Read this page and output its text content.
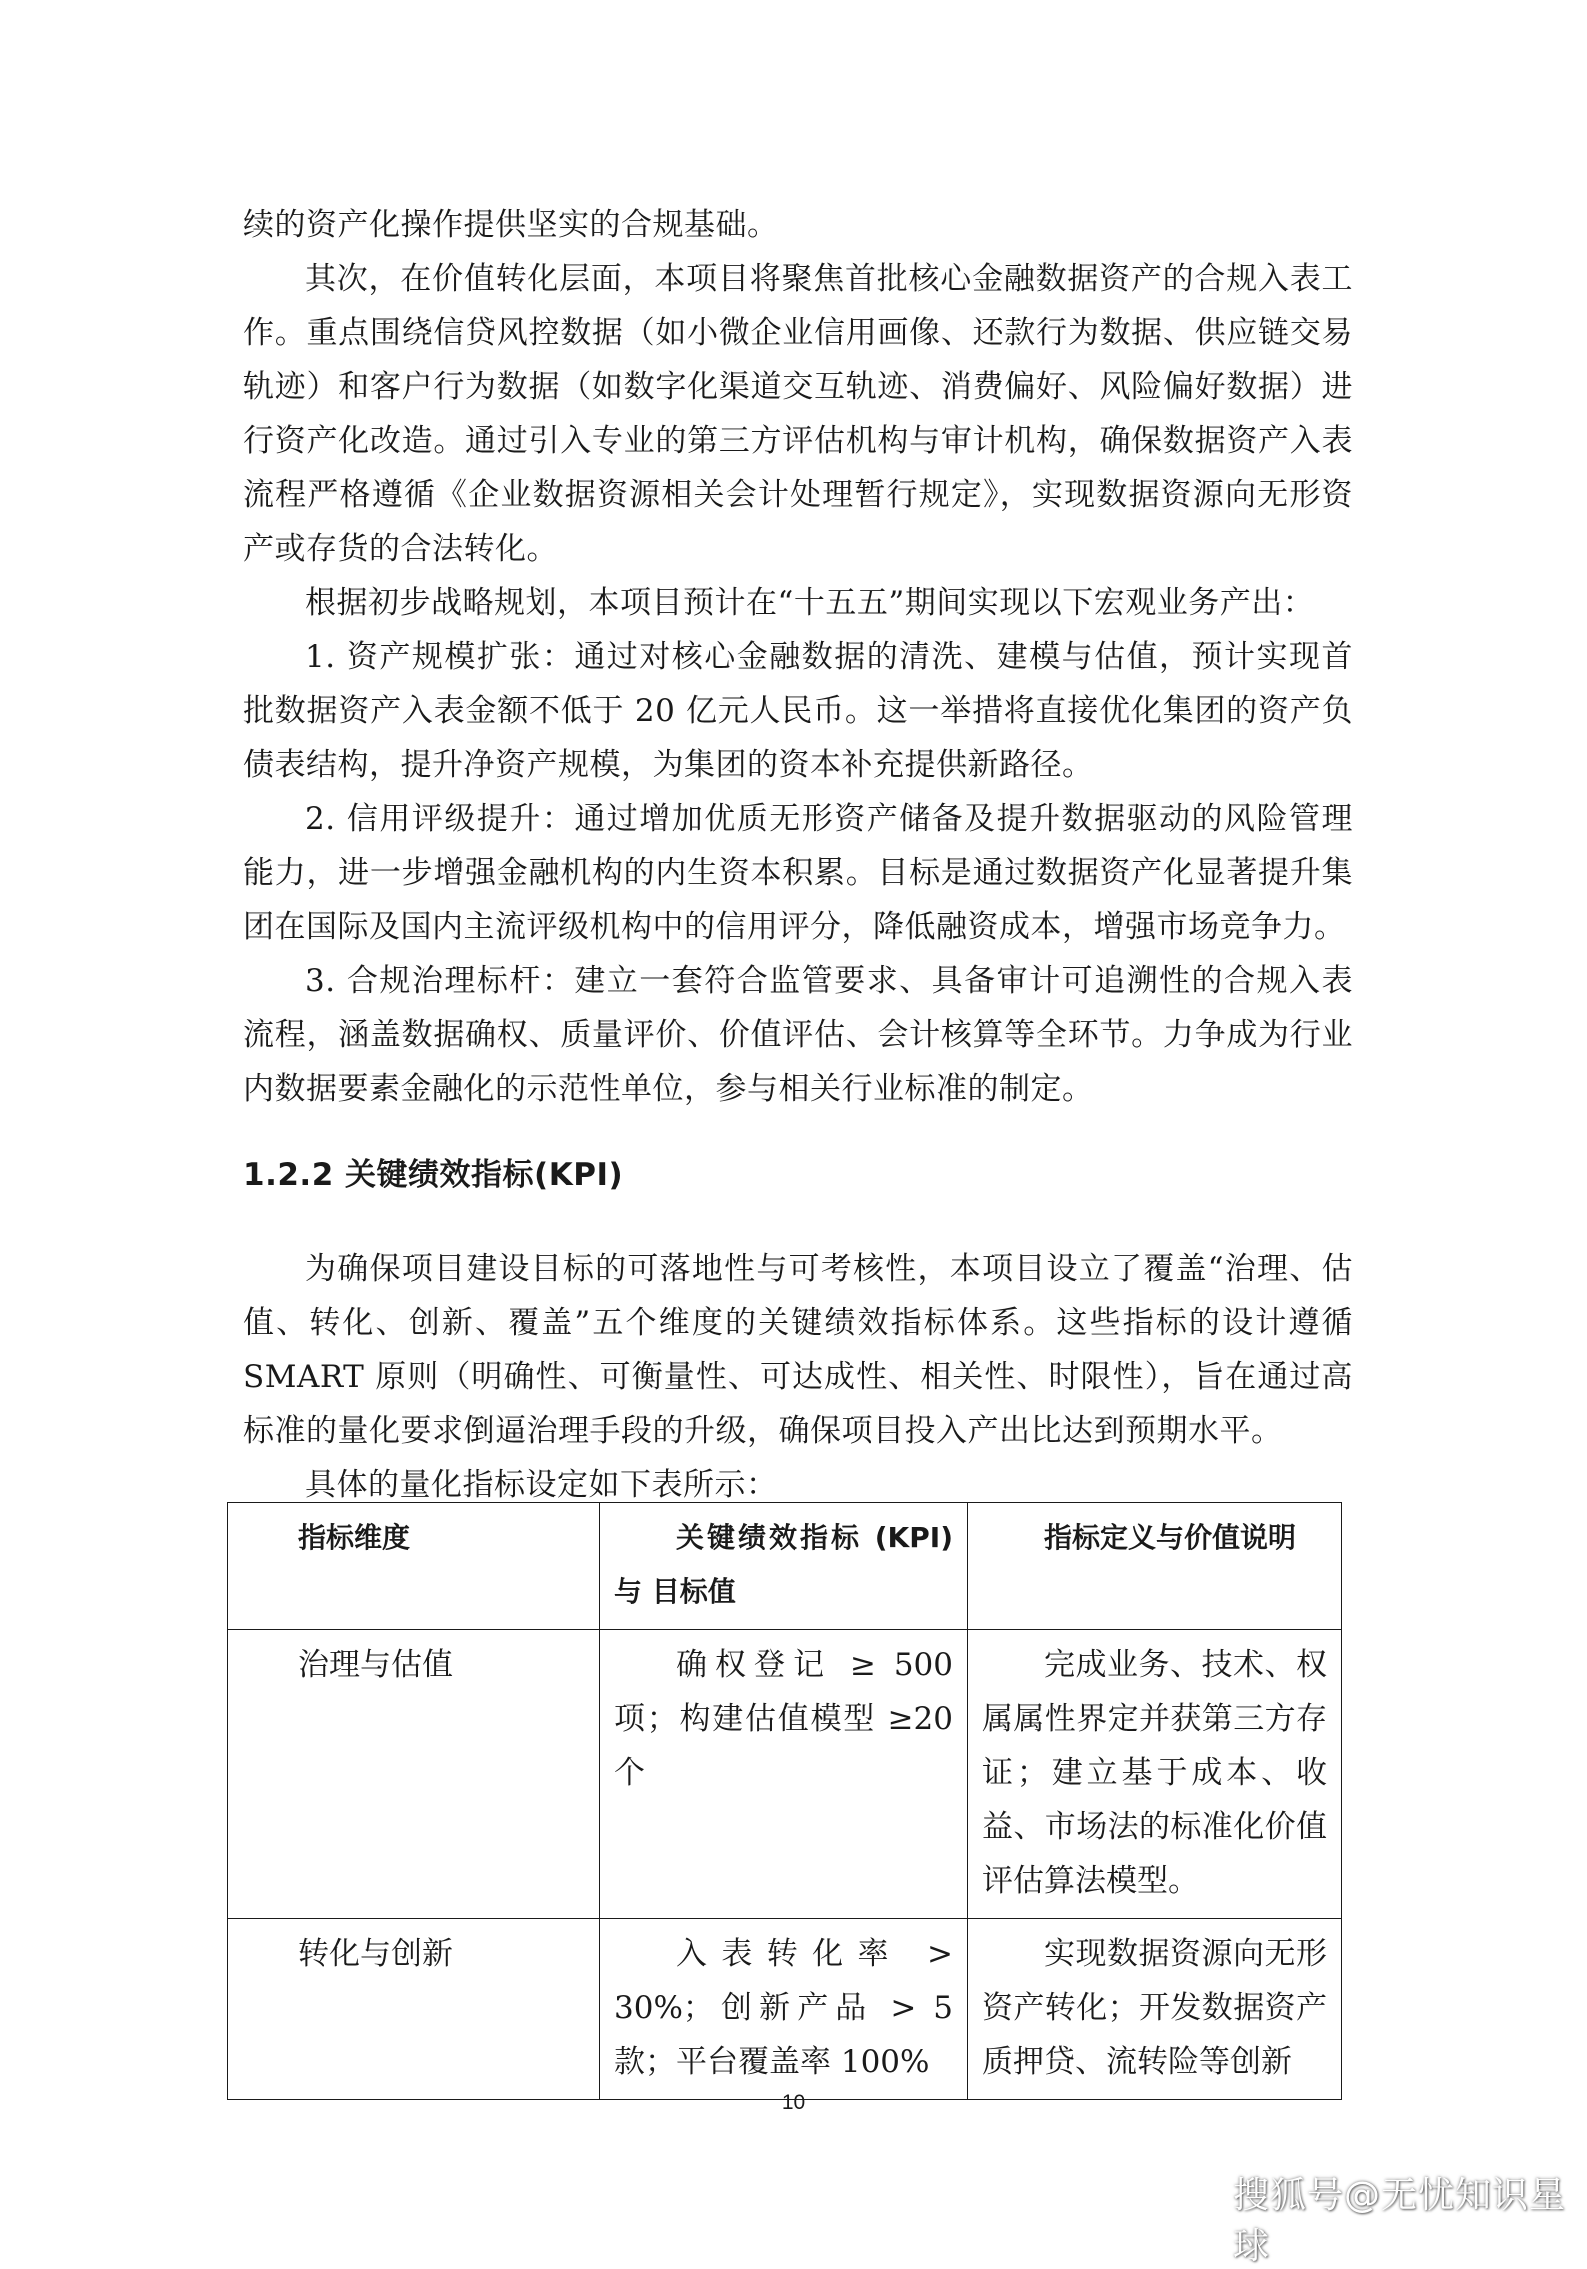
续的资产化操作提供坚实的合规基础。

其次，在价值转化层面，本项目将聚焦首批核心金融数据资产的合规入表工作。重点围绕信贷风控数据（如小微企业信用画像、还款行为数据、供应链交易轨迹）和客户行为数据（如数字化渠道交互轨迹、消费偏好、风险偏好数据）进行资产化改造。通过引入专业的第三方评估机构与审计机构，确保数据资产入表流程严格遵循《企业数据资源相关会计处理暂行规定》，实现数据资源向无形资产或存货的合法转化。

根据初步战略规划，本项目预计在“十五五”期间实现以下宏观业务产出：

1. 资产规模扩张：通过对核心金融数据的清洗、建模与估值，预计实现首批数据资产入表金额不低于 20 亿元人民币。这一举措将直接优化集团的资产负债表结构，提升净资产规模，为集团的资本补充提供新路径。

2. 信用评级提升：通过增加优质无形资产储备及提升数据驱动的风险管理能力，进一步增强金融机构的内生资本积累。目标是通过数据资产化显著提升集团在国际及国内主流评级机构中的信用评分，降低融资成本，增强市场竞争力。

3. 合规治理标杆：建立一套符合监管要求、具备审计可追溯性的合规入表流程，涵盖数据确权、质量评价、价值评估、会计核算等全环节。力争成为行业内数据要素金融化的示范性单位，参与相关行业标准的制定。

1.2.2 关键绩效指标(KPI)

为确保项目建设目标的可落地性与可考核性，本项目设立了覆盖“治理、估值、转化、创新、覆盖”五个维度的关键绩效指标体系。这些指标的设计遵循 SMART 原则（明确性、可衡量性、可达成性、相关性、时限性），旨在通过高标准的量化要求倒逼治理手段的升级，确保项目投入产出比达到预期水平。

具体的量化指标设定如下表所示：

指标维度	关键绩效指标 (KPI) 与 目标值	指标定义与价值说明
治理与估值	确权登记 ≥ 500 项；构建估值模型 ≥20 个	完成业务、技术、权属属性界定并获第三方存证；建立基于成本、收益、市场法的标准化价值评估算法模型。
转化与创新	入表转化率 > 30%；创新产品 > 5 款；平台覆盖率 100%	实现数据资源向无形资产转化；开发数据资产质押贷、流转险等创新
10
搜狐号@无忧知识星球
